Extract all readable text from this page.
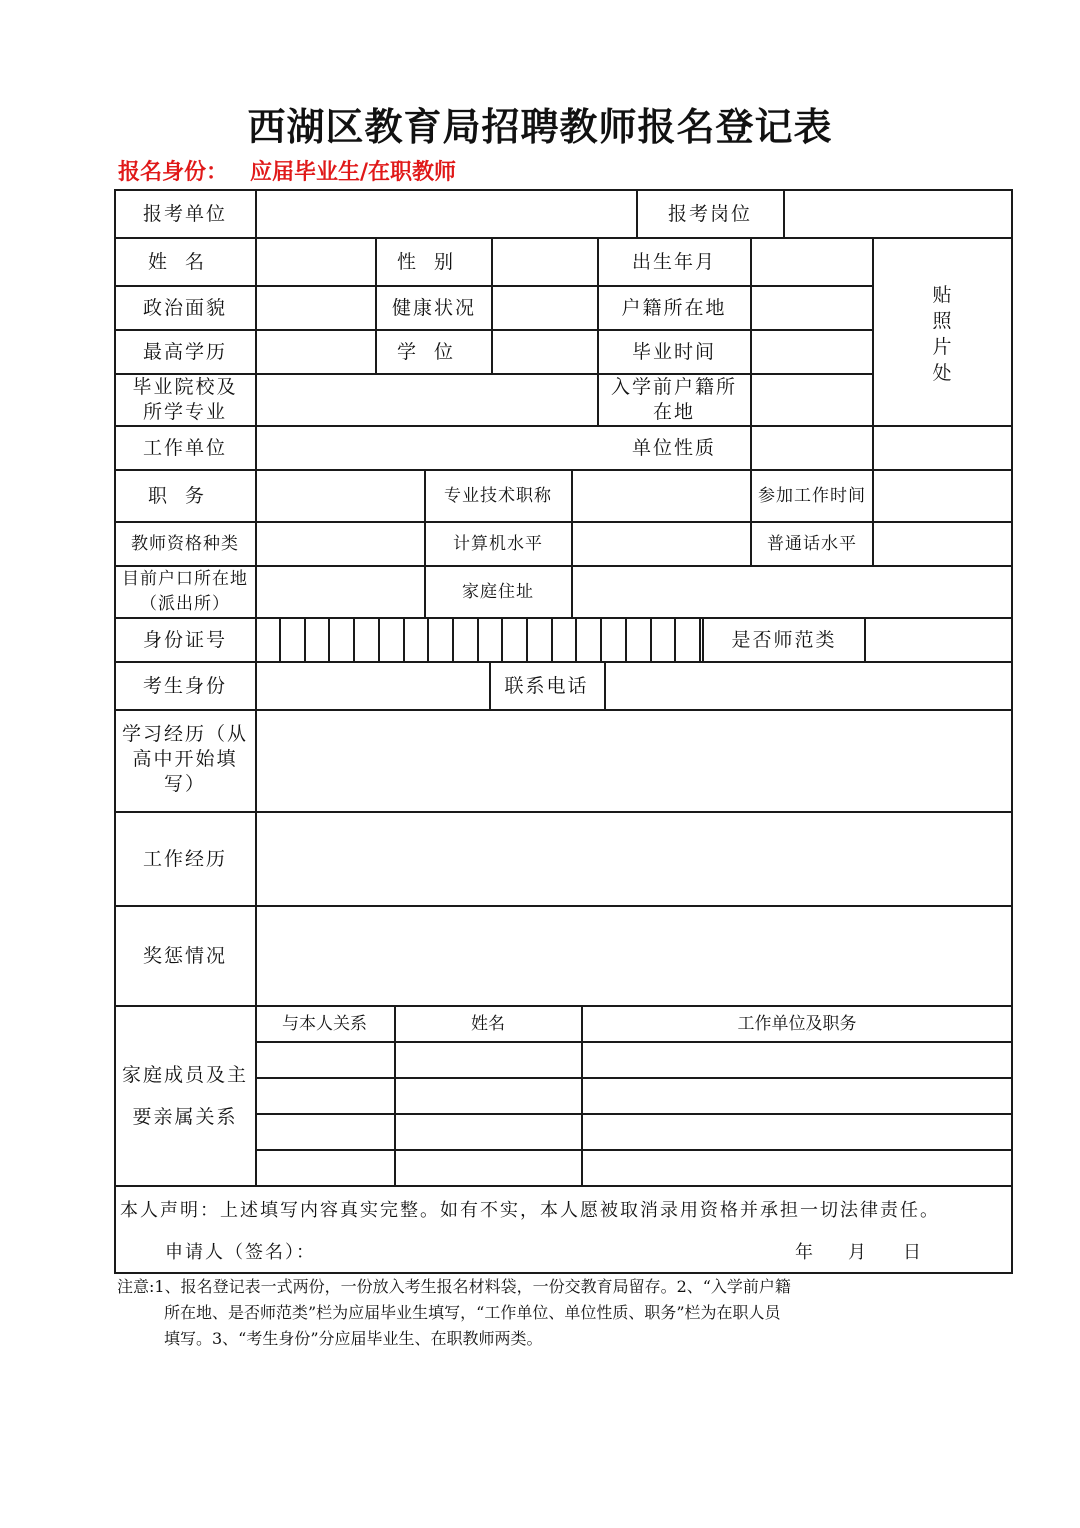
西湖区教育局招聘教师报名登记表
报名身份： 应届毕业生/在职教师
报考单位	报考岗位
姓名	性别	出生年月
贴照片处
政治面貌	健康状况	户籍所在地
最高学历	学位	毕业时间
毕业院校及所学专业
入学前户籍所在地
工作单位	单位性质
职务	专业技术职称	参加工作时间
教师资格种类	计算机水平	普通话水平
目前户口所在地（派出所）
家庭住址
身份证号	是否师范类
考生身份	联系电话
学习经历（从高中开始填写）
工作经历
奖惩情况
家庭成员及主要亲属关系
与本人关系	姓名	工作单位及职务
本人声明：上述填写内容真实完整。如有不实，本人愿被取消录用资格并承担一切法律责任。
申请人（签名）：	年 月 日
注意:1、报名登记表一式两份，一份放入考生报名材料袋，一份交教育局留存。2、“入学前户籍
所在地、是否师范类”栏为应届毕业生填写，“工作单位、单位性质、职务”栏为在职人员
填写。3、“考生身份”分应届毕业生、在职教师两类。
